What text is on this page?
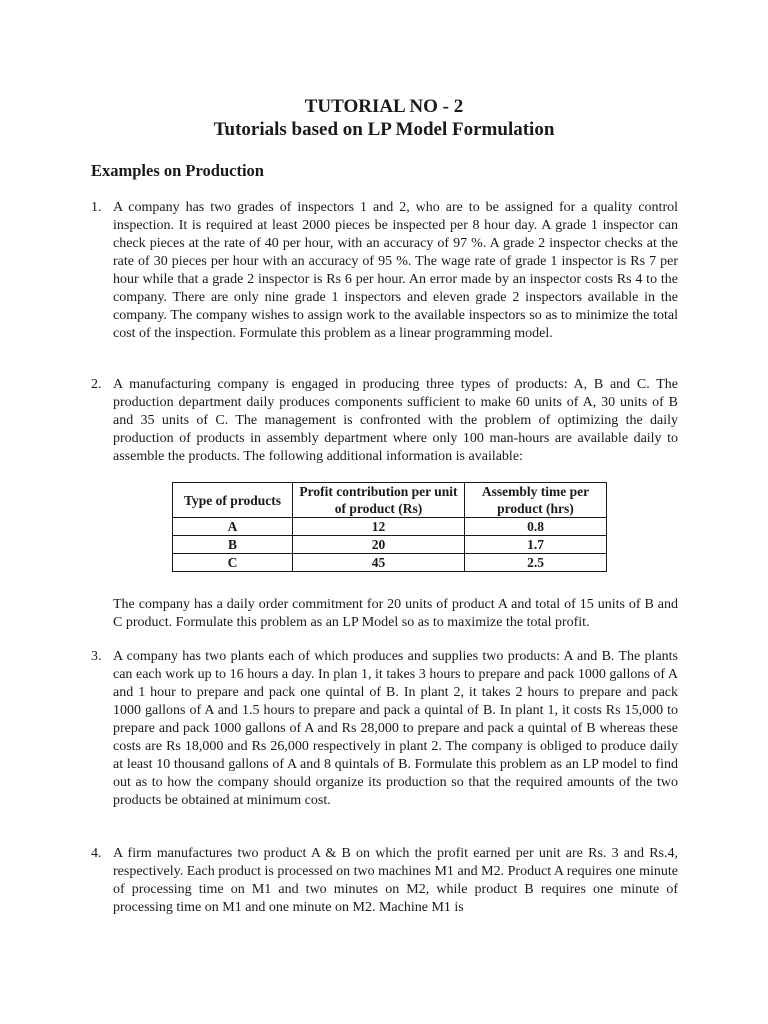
TUTORIAL NO - 2
Tutorials based on LP Model Formulation
Examples on Production
1. A company has two grades of inspectors 1 and 2, who are to be assigned for a quality control inspection. It is required at least 2000 pieces be inspected per 8 hour day. A grade 1 inspector can check pieces at the rate of 40 per hour, with an accuracy of 97 %. A grade 2 inspector checks at the rate of 30 pieces per hour with an accuracy of 95 %. The wage rate of grade 1 inspector is Rs 7 per hour while that a grade 2 inspector is Rs 6 per hour. An error made by an inspector costs Rs 4 to the company. There are only nine grade 1 inspectors and eleven grade 2 inspectors available in the company. The company wishes to assign work to the available inspectors so as to minimize the total cost of the inspection. Formulate this problem as a linear programming model.

2. A manufacturing company is engaged in producing three types of products: A, B and C. The production department daily produces components sufficient to make 60 units of A, 30 units of B and 35 units of C. The management is confronted with the problem of optimizing the daily production of products in assembly department where only 100 man-hours are available daily to assemble the products. The following additional information is available:

Type of products	Profit contribution per unit of product (Rs)	Assembly time per product (hrs)
A	12	0.8
B	20	1.7
C	45	2.5

The company has a daily order commitment for 20 units of product A and total of 15 units of B and C product. Formulate this problem as an LP Model so as to maximize the total profit.

3. A company has two plants each of which produces and supplies two products: A and B. The plants can each work up to 16 hours a day. In plan 1, it takes 3 hours to prepare and pack 1000 gallons of A and 1 hour to prepare and pack one quintal of B. In plant 2, it takes 2 hours to prepare and pack 1000 gallons of A and 1.5 hours to prepare and pack a quintal of B. In plant 1, it costs Rs 15,000 to prepare and pack 1000 gallons of A and Rs 28,000 to prepare and pack a quintal of B whereas these costs are Rs 18,000 and Rs 26,000 respectively in plant 2. The company is obliged to produce daily at least 10 thousand gallons of A and 8 quintals of B. Formulate this problem as an LP model to find out as to how the company should organize its production so that the required amounts of the two products be obtained at minimum cost.

4. A firm manufactures two product A & B on which the profit earned per unit are Rs. 3 and Rs.4, respectively. Each product is processed on two machines M1 and M2. Product A requires one minute of processing time on M1 and two minutes on M2, while product B requires one minute of processing time on M1 and one minute on M2. Machine M1 is
